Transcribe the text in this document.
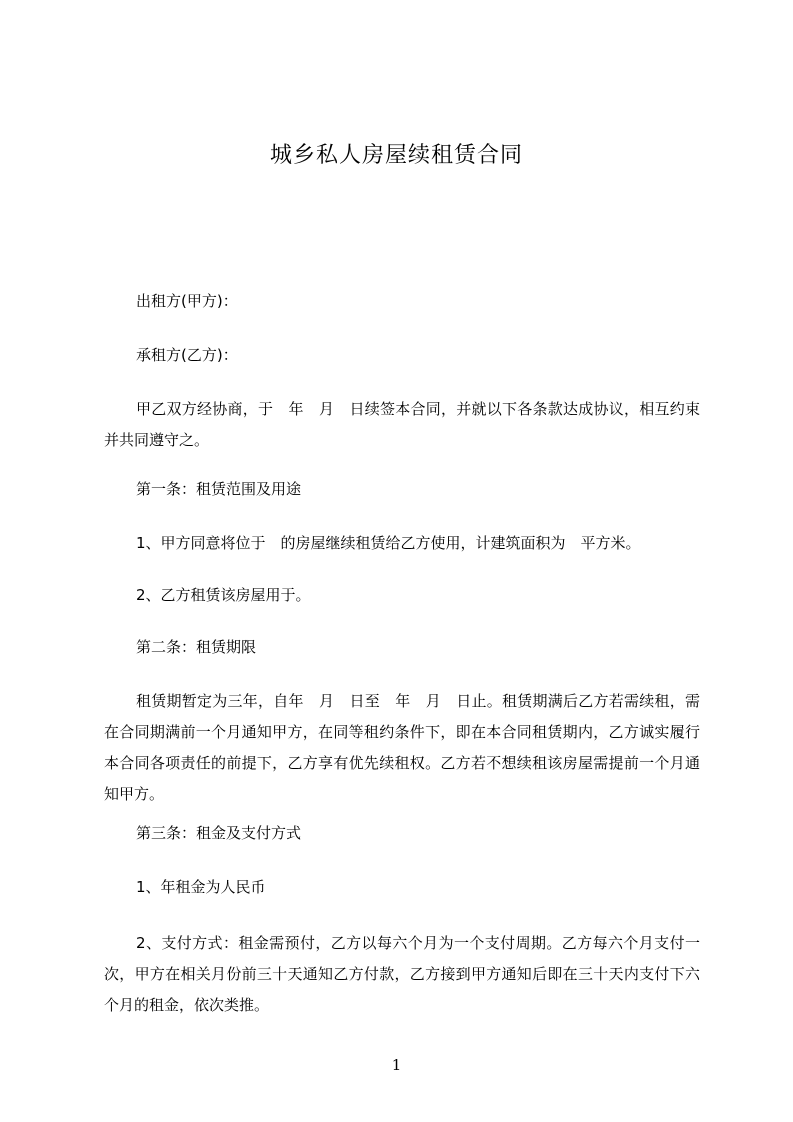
城乡私人房屋续租赁合同
出租方(甲方)：
承租方(乙方)：
甲乙双方经协商，于　年　月　日续签本合同，并就以下各条款达成协议，相互约束并共同遵守之。
第一条：租赁范围及用途
1、甲方同意将位于　的房屋继续租赁给乙方使用，计建筑面积为　平方米。
2、乙方租赁该房屋用于。
第二条：租赁期限
租赁期暂定为三年，自年　月　日至　年　月　日止。租赁期满后乙方若需续租，需在合同期满前一个月通知甲方，在同等租约条件下，即在本合同租赁期内，乙方诚实履行本合同各项责任的前提下，乙方享有优先续租权。乙方若不想续租该房屋需提前一个月通知甲方。
第三条：租金及支付方式
1、年租金为人民币
2、支付方式：租金需预付，乙方以每六个月为一个支付周期。乙方每六个月支付一次，甲方在相关月份前三十天通知乙方付款，乙方接到甲方通知后即在三十天内支付下六个月的租金，依次类推。
1
